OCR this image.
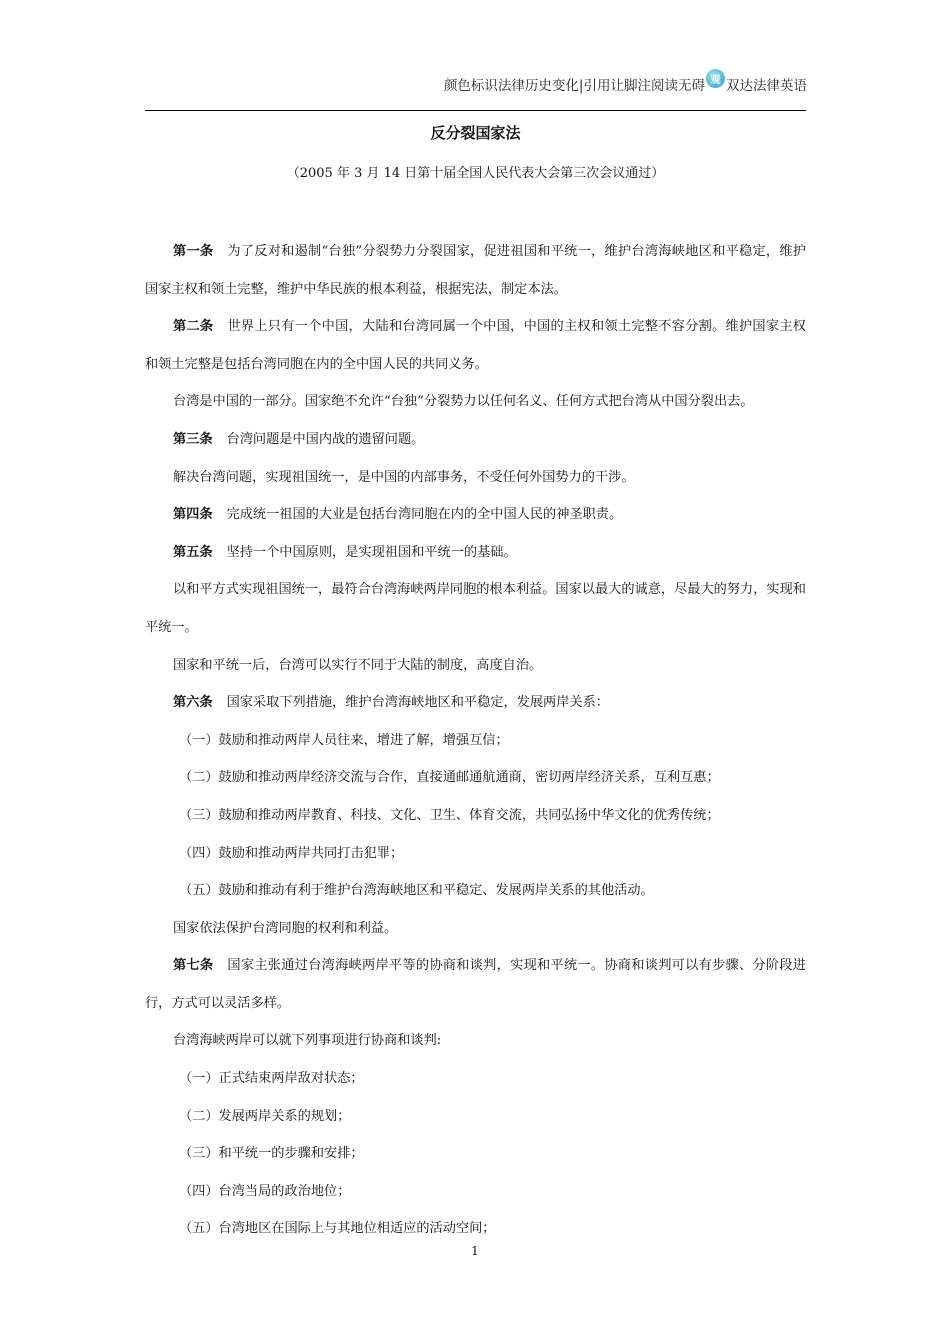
颜色标识法律历史变化|引用让脚注阅读无碍 观 双达法律英语
反分裂国家法
（2005 年 3 月 14 日第十届全国人民代表大会第三次会议通过）

第一条 为了反对和遏制“台独”分裂势力分裂国家，促进祖国和平统一，维护台湾海峡地区和平稳定，维护国家主权和领土完整，维护中华民族的根本利益，根据宪法，制定本法。

第二条 世界上只有一个中国，大陆和台湾同属一个中国，中国的主权和领土完整不容分割。维护国家主权和领土完整是包括台湾同胞在内的全中国人民的共同义务。

台湾是中国的一部分。国家绝不允许“台独”分裂势力以任何名义、任何方式把台湾从中国分裂出去。

第三条 台湾问题是中国内战的遗留问题。

解决台湾问题，实现祖国统一，是中国的内部事务，不受任何外国势力的干涉。

第四条 完成统一祖国的大业是包括台湾同胞在内的全中国人民的神圣职责。

第五条 坚持一个中国原则，是实现祖国和平统一的基础。

以和平方式实现祖国统一，最符合台湾海峡两岸同胞的根本利益。国家以最大的诚意，尽最大的努力，实现和平统一。

国家和平统一后，台湾可以实行不同于大陆的制度，高度自治。

第六条 国家采取下列措施，维护台湾海峡地区和平稳定，发展两岸关系：

（一）鼓励和推动两岸人员往来，增进了解，增强互信；

（二）鼓励和推动两岸经济交流与合作，直接通邮通航通商，密切两岸经济关系，互利互惠；

（三）鼓励和推动两岸教育、科技、文化、卫生、体育交流，共同弘扬中华文化的优秀传统；

（四）鼓励和推动两岸共同打击犯罪；

（五）鼓励和推动有利于维护台湾海峡地区和平稳定、发展两岸关系的其他活动。

国家依法保护台湾同胞的权利和利益。

第七条 国家主张通过台湾海峡两岸平等的协商和谈判，实现和平统一。协商和谈判可以有步骤、分阶段进行，方式可以灵活多样。

台湾海峡两岸可以就下列事项进行协商和谈判:

（一）正式结束两岸敌对状态；

（二）发展两岸关系的规划；

（三）和平统一的步骤和安排；

（四）台湾当局的政治地位；

（五）台湾地区在国际上与其地位相适应的活动空间；

1
